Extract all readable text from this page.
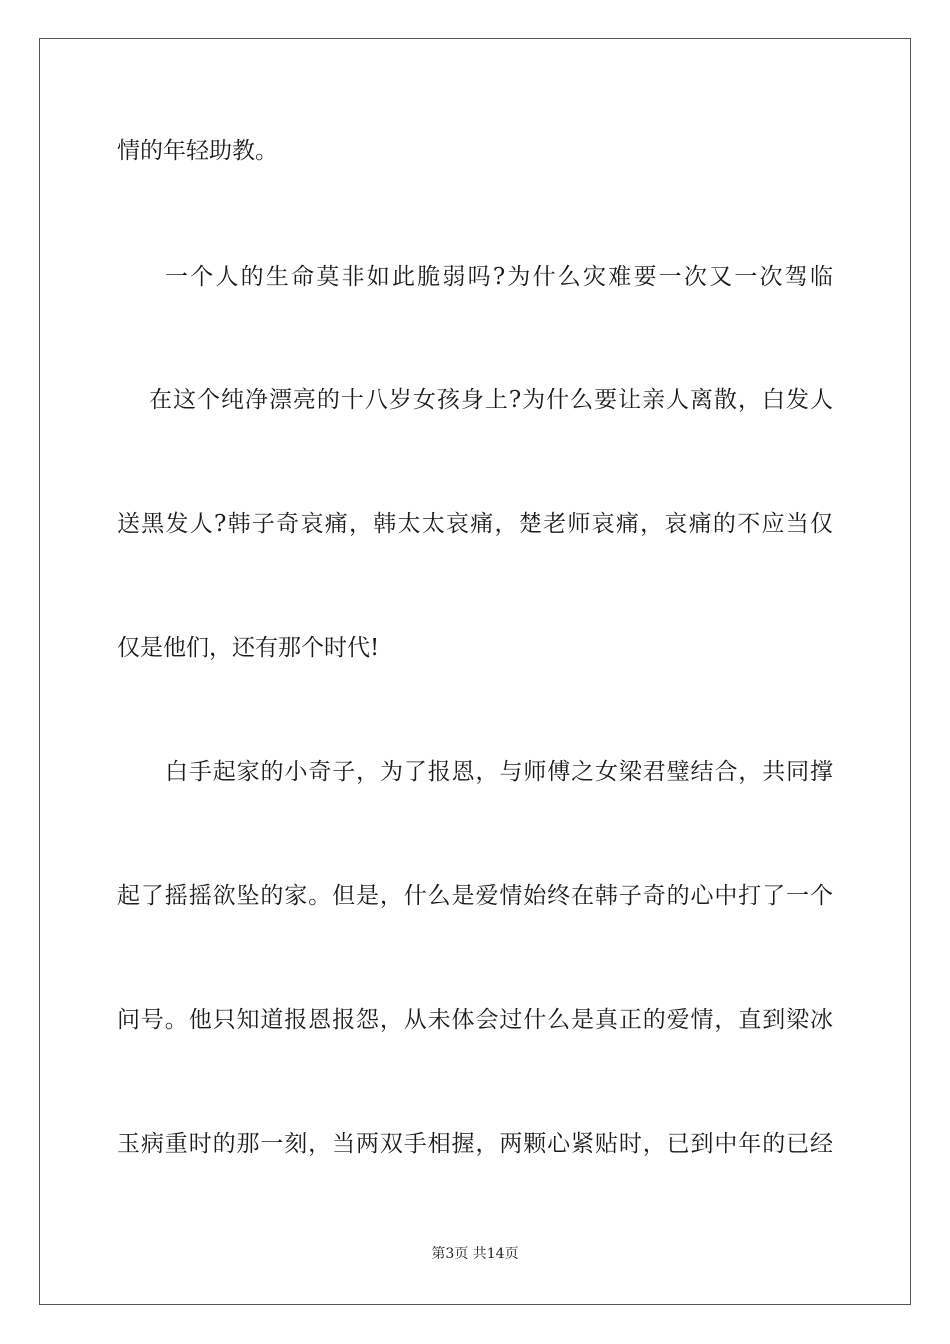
情的年轻助教。
一个人的生命莫非如此脆弱吗?为什么灾难要一次又一次驾临
在这个纯净漂亮的十八岁女孩身上?为什么要让亲人离散，白发人
送黑发人?韩子奇哀痛，韩太太哀痛，楚老师哀痛，哀痛的不应当仅
仅是他们，还有那个时代!
白手起家的小奇子，为了报恩，与师傅之女梁君璧结合，共同撑
起了摇摇欲坠的家。但是，什么是爱情始终在韩子奇的心中打了一个
问号。他只知道报恩报怨，从未体会过什么是真正的爱情，直到梁冰
玉病重时的那一刻，当两双手相握，两颗心紧贴时，已到中年的已经
第3页 共14页
